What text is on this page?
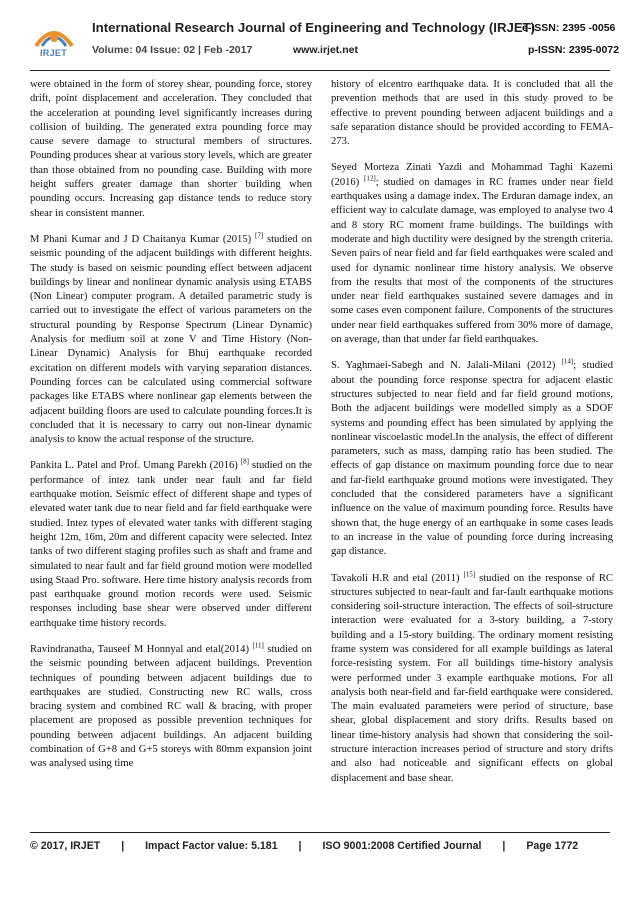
IRJET
International Research Journal of Engineering and Technology (IRJET)
e-ISSN: 2395 -0056
Volume: 04 Issue: 02 | Feb -2017	www.irjet.net	p-ISSN: 2395-0072

were obtained in the form of storey shear, pounding force, storey drift, point displacement and acceleration. They concluded that the acceleration at pounding level significantly increases during collision of building. The generated extra pounding force may cause severe damage to structural members of structures. Pounding produces shear at various story levels, which are greater than those obtained from no pounding case. Building with more height suffers greater damage than shorter building when pounding occurs. Increasing gap distance tends to reduce story shear in consistent manner.

M Phani Kumar and J D Chaitanya Kumar (2015) [7] studied on seismic pounding of the adjacent buildings with different heights. The study is based on seismic pounding effect between adjacent buildings by linear and nonlinear dynamic analysis using ETABS (Non Linear) computer program. A detailed parametric study is carried out to investigate the effect of various parameters on the structural pounding by Response Spectrum (Linear Dynamic) Analysis for medium soil at zone V and Time History (Non-Linear Dynamic) Analysis for Bhuj earthquake recorded excitation on different models with varying separation distances. Pounding forces can be calculated using commercial software packages like ETABS where nonlinear gap elements between the adjacent building floors are used to calculate pounding forces.It is concluded that it is necessary to carry out non-linear dynamic analysis to know the actual response of the structure.

Pankita L. Patel and Prof. Umang Parekh (2016) [8] studied on the performance of intez tank under near fault and far field earthquake motion. Seismic effect of different shape and types of elevated water tank due to near field and far field earthquake were studied. Intez types of elevated water tanks with different staging height 12m, 16m, 20m and different capacity were selected. Intez tanks of two different staging profiles such as shaft and frame and simulated to near fault and far field ground motion were modelled using Staad Pro. software. Here time history analysis records from past earthquake ground motion records were used. Seismic responses including base shear were observed under different earthquake time history records.

Ravindranatha, Tauseef M Honnyal and etal(2014) [11] studied on the seismic pounding between adjacent buildings. Prevention techniques of pounding between adjacent buildings due to earthquakes are studied. Constructing new RC walls, cross bracing system and combined RC wall & bracing, with proper placement are proposed as possible prevention techniques for pounding between adjacent buildings. An adjacent building combination of G+8 and G+5 storeys with 80mm expansion joint was analysed using time

history of elcentro earthquake data. It is concluded that all the prevention methods that are used in this study proved to be effective to prevent pounding between adjacent buildings and a safe separation distance should be provided according to FEMA-273.

Seyed Morteza Zinati Yazdi and Mohammad Taghi Kazemi (2016) [12]; studied on damages in RC frames under near field earthquakes using a damage index. The Erduran damage index, an efficient way to calculate damage, was employed to analyse two 4 and 8 story RC moment frame buildings. The buildings with moderate and high ductility were designed by the strength criteria. Seven pairs of near field and far field earthquakes were scaled and used for dynamic nonlinear time history analysis. We observe from the results that most of the components of the structures under near field earthquakes sustained severe damages and in some cases even component failure. Components of the structures under near field earthquakes suffered from 30% more of damage, on average, than that under far field earthquakes.

S. Yaghmaei-Sabegh and N. Jalali-Milani (2012) [14]; studied about the pounding force response spectra for adjacent elastic structures subjected to near field and far field ground motions, Both the adjacent buildings were modelled simply as a SDOF systems and pounding effect has been simulated by applying the nonlinear viscoelastic model.In the analysis, the effect of different parameters, such as mass, damping ratio has been studied. The effects of gap distance on maximum pounding force due to near and far-field earthquake ground motions were investigated. They concluded that the considered parameters have a significant influence on the value of maximum pounding force. Results have shown that, the huge energy of an earthquake in some cases leads to an increase in the value of pounding force during increasing gap distance.

Tavakoli H.R and etal (2011) [15] studied on the response of RC structures subjected to near-fault and far-fault earthquake motions considering soil-structure interaction. The effects of soil-structure interaction were evaluated for a 3-story building, a 7-story building and a 15-story building. The ordinary moment resisting frame system was considered for all example buildings as lateral force-resisting system. For all buildings time-history analysis were performed under 3 example earthquake motions. For all analysis both near-field and far-field earthquake were considered. The main evaluated parameters were period of structure, base shear, global displacement and story drifts. Results based on linear time-history analysis had shown that considering the soil-structure interaction increases period of structure and story drifts and also had noticeable and significant effects on global displacement and base shear.

© 2017, IRJET | Impact Factor value: 5.181 | ISO 9001:2008 Certified Journal | Page 1772
